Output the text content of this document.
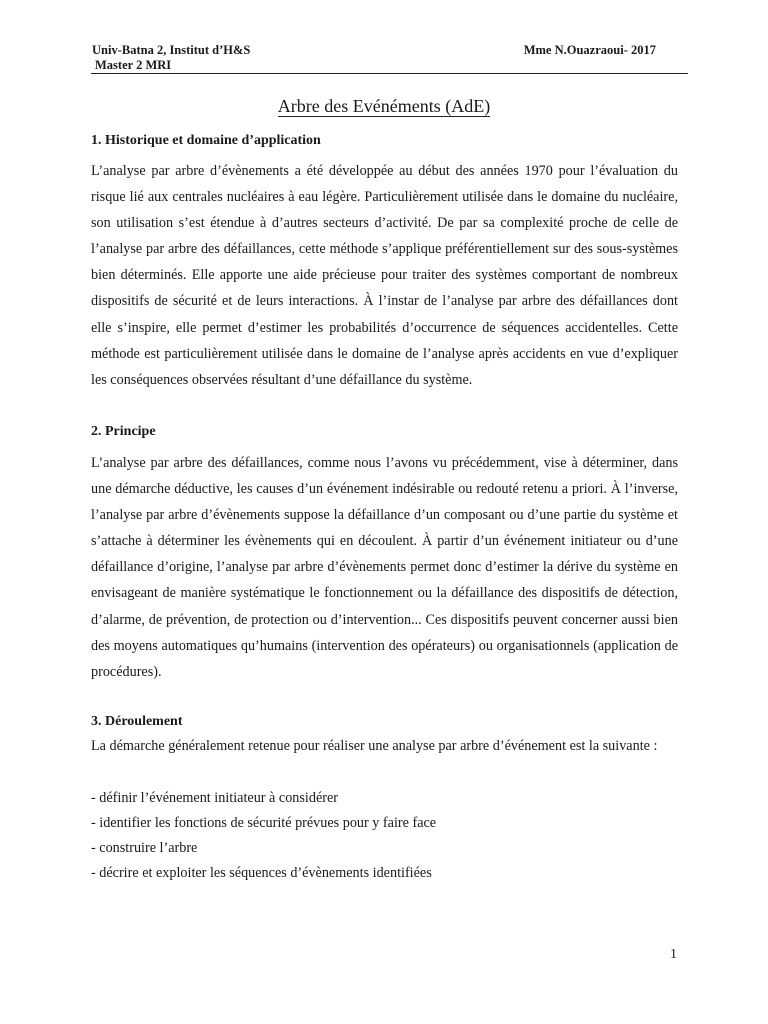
Univ-Batna 2, Institut d’H&S
Master 2 MRI
Mme N.Ouazraoui- 2017
Arbre des Evénéments (AdE)
1. Historique et domaine d’application

L’analyse par arbre d’évènements a été développée au début des années 1970 pour l’évaluation du risque lié aux centrales nucléaires à eau légère. Particulièrement utilisée dans le domaine du nucléaire, son utilisation s’est étendue à d’autres secteurs d’activité. De par sa complexité proche de celle de l’analyse par arbre des défaillances, cette méthode s’applique préférentiellement sur des sous-systèmes bien déterminés. Elle apporte une aide précieuse pour traiter des systèmes comportant de nombreux dispositifs de sécurité et de leurs interactions. À l’instar de l’analyse par arbre des défaillances dont elle s’inspire, elle permet d’estimer les probabilités d’occurrence de séquences accidentelles. Cette méthode est particulièrement utilisée dans le domaine de l’analyse après accidents en vue d’expliquer les conséquences observées résultant d’une défaillance du système.

2. Principe

L’analyse par arbre des défaillances, comme nous l’avons vu précédemment, vise à déterminer, dans une démarche déductive, les causes d’un événement indésirable ou redouté retenu a priori. À l’inverse, l’analyse par arbre d’évènements suppose la défaillance d’un composant ou d’une partie du système et s’attache à déterminer les évènements qui en découlent. À partir d’un événement initiateur ou d’une défaillance d’origine, l’analyse par arbre d’évènements permet donc d’estimer la dérive du système en envisageant de manière systématique le fonctionnement ou la défaillance des dispositifs de détection, d’alarme, de prévention, de protection ou d’intervention... Ces dispositifs peuvent concerner aussi bien des moyens automatiques qu’humains (intervention des opérateurs) ou organisationnels (application de procédures).

3. Déroulement

La démarche généralement retenue pour réaliser une analyse par arbre d’événement est la suivante :

- définir l’événement initiateur à considérer
- identifier les fonctions de sécurité prévues pour y faire face
- construire l’arbre
- décrire et exploiter les séquences d’évènements identifiées
1
